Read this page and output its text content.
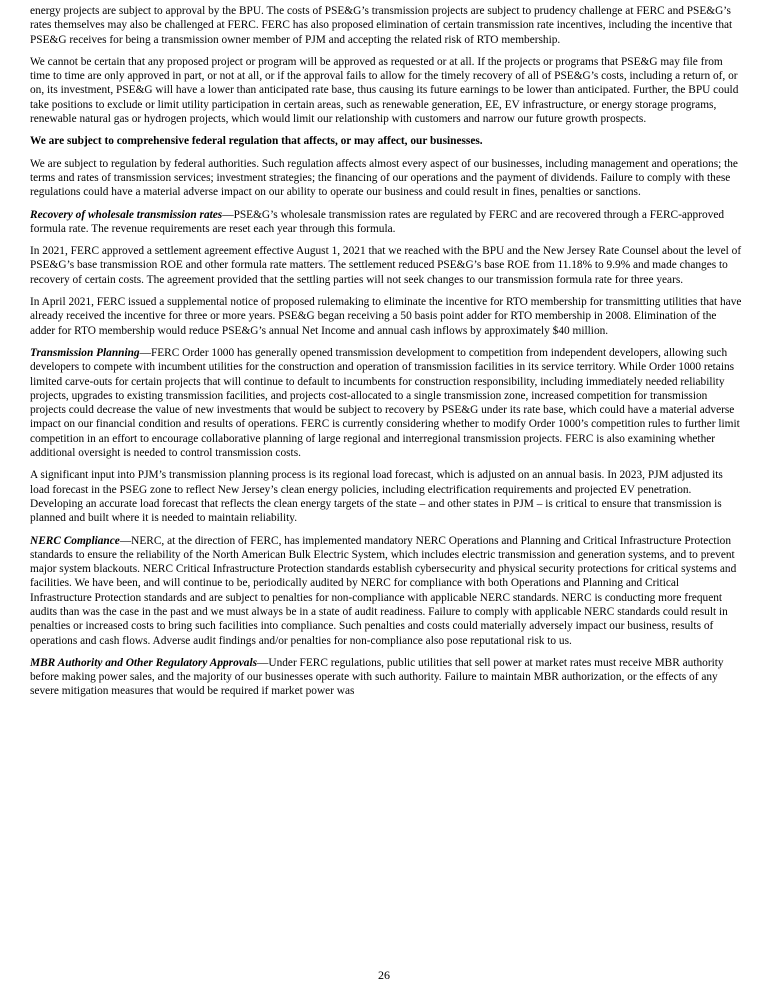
energy projects are subject to approval by the BPU. The costs of PSE&G’s transmission projects are subject to prudency challenge at FERC and PSE&G’s rates themselves may also be challenged at FERC. FERC has also proposed elimination of certain transmission rate incentives, including the incentive that PSE&G receives for being a transmission owner member of PJM and accepting the related risk of RTO membership.

We cannot be certain that any proposed project or program will be approved as requested or at all. If the projects or programs that PSE&G may file from time to time are only approved in part, or not at all, or if the approval fails to allow for the timely recovery of all of PSE&G’s costs, including a return of, or on, its investment, PSE&G will have a lower than anticipated rate base, thus causing its future earnings to be lower than anticipated. Further, the BPU could take positions to exclude or limit utility participation in certain areas, such as renewable generation, EE, EV infrastructure, or energy storage programs, renewable natural gas or hydrogen projects, which would limit our relationship with customers and narrow our future growth prospects.

We are subject to comprehensive federal regulation that affects, or may affect, our businesses.

We are subject to regulation by federal authorities. Such regulation affects almost every aspect of our businesses, including management and operations; the terms and rates of transmission services; investment strategies; the financing of our operations and the payment of dividends. Failure to comply with these regulations could have a material adverse impact on our ability to operate our business and could result in fines, penalties or sanctions.

Recovery of wholesale transmission rates—PSE&G’s wholesale transmission rates are regulated by FERC and are recovered through a FERC-approved formula rate. The revenue requirements are reset each year through this formula.

In 2021, FERC approved a settlement agreement effective August 1, 2021 that we reached with the BPU and the New Jersey Rate Counsel about the level of PSE&G’s base transmission ROE and other formula rate matters. The settlement reduced PSE&G’s base ROE from 11.18% to 9.9% and made changes to recovery of certain costs. The agreement provided that the settling parties will not seek changes to our transmission formula rate for three years.

In April 2021, FERC issued a supplemental notice of proposed rulemaking to eliminate the incentive for RTO membership for transmitting utilities that have already received the incentive for three or more years. PSE&G began receiving a 50 basis point adder for RTO membership in 2008. Elimination of the adder for RTO membership would reduce PSE&G’s annual Net Income and annual cash inflows by approximately $40 million.

Transmission Planning—FERC Order 1000 has generally opened transmission development to competition from independent developers, allowing such developers to compete with incumbent utilities for the construction and operation of transmission facilities in its service territory. While Order 1000 retains limited carve-outs for certain projects that will continue to default to incumbents for construction responsibility, including immediately needed reliability projects, upgrades to existing transmission facilities, and projects cost-allocated to a single transmission zone, increased competition for transmission projects could decrease the value of new investments that would be subject to recovery by PSE&G under its rate base, which could have a material adverse impact on our financial condition and results of operations. FERC is currently considering whether to modify Order 1000’s competition rules to further limit competition in an effort to encourage collaborative planning of large regional and interregional transmission projects. FERC is also examining whether additional oversight is needed to control transmission costs.

A significant input into PJM’s transmission planning process is its regional load forecast, which is adjusted on an annual basis. In 2023, PJM adjusted its load forecast in the PSEG zone to reflect New Jersey’s clean energy policies, including electrification requirements and projected EV penetration. Developing an accurate load forecast that reflects the clean energy targets of the state – and other states in PJM – is critical to ensure that transmission is planned and built where it is needed to maintain reliability.

NERC Compliance—NERC, at the direction of FERC, has implemented mandatory NERC Operations and Planning and Critical Infrastructure Protection standards to ensure the reliability of the North American Bulk Electric System, which includes electric transmission and generation systems, and to prevent major system blackouts. NERC Critical Infrastructure Protection standards establish cybersecurity and physical security protections for critical systems and facilities. We have been, and will continue to be, periodically audited by NERC for compliance with both Operations and Planning and Critical Infrastructure Protection standards and are subject to penalties for non-compliance with applicable NERC standards. NERC is conducting more frequent audits than was the case in the past and we must always be in a state of audit readiness. Failure to comply with applicable NERC standards could result in penalties or increased costs to bring such facilities into compliance. Such penalties and costs could materially adversely impact our business, results of operations and cash flows. Adverse audit findings and/or penalties for non-compliance also pose reputational risk to us.

MBR Authority and Other Regulatory Approvals—Under FERC regulations, public utilities that sell power at market rates must receive MBR authority before making power sales, and the majority of our businesses operate with such authority. Failure to maintain MBR authorization, or the effects of any severe mitigation measures that would be required if market power was

26
